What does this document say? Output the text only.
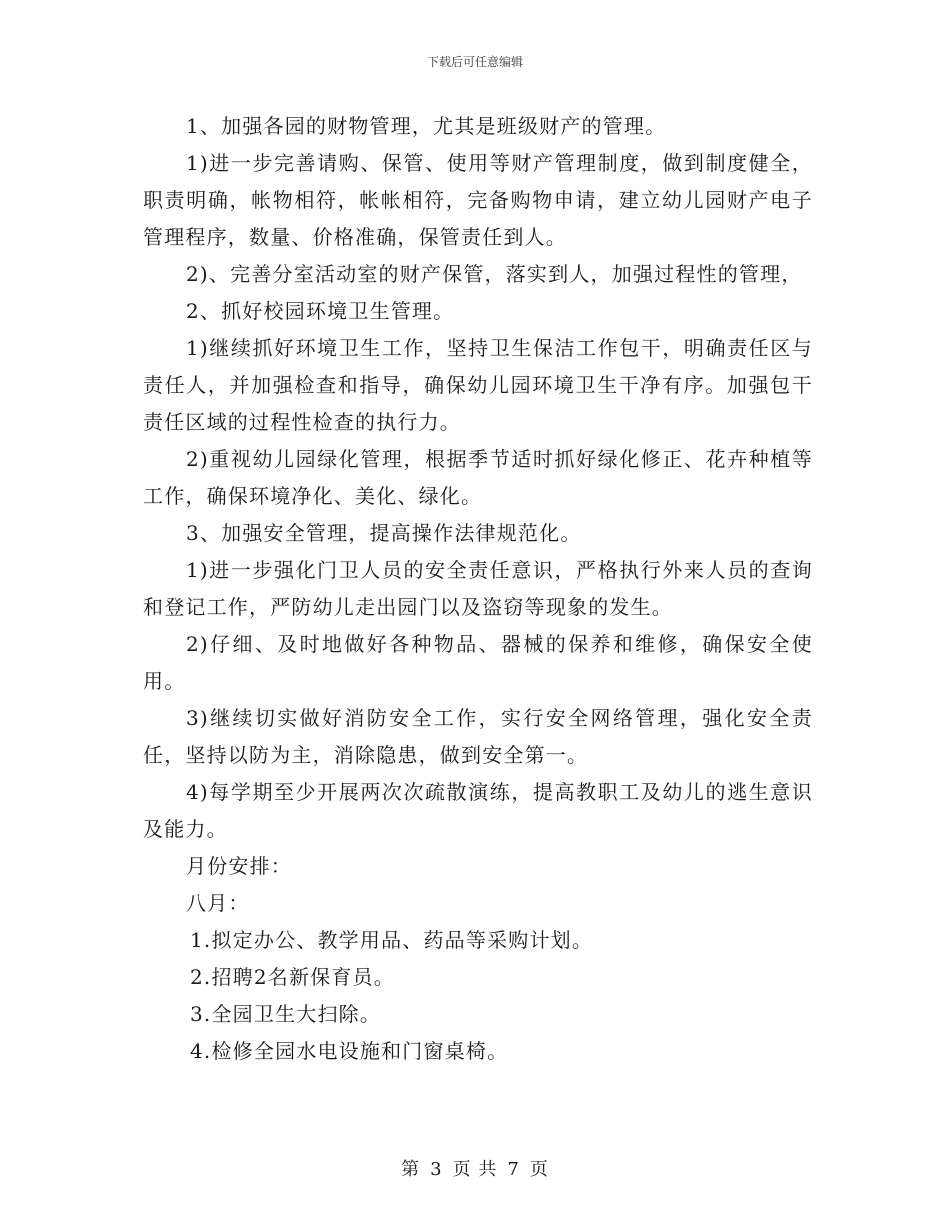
下载后可任意编辑

1、加强各园的财物管理，尤其是班级财产的管理。

1)进一步完善请购、保管、使用等财产管理制度，做到制度健全，职责明确，帐物相符，帐帐相符，完备购物申请，建立幼儿园财产电子管理程序，数量、价格准确，保管责任到人。

2)、完善分室活动室的财产保管，落实到人，加强过程性的管理，

2、抓好校园环境卫生管理。

1)继续抓好环境卫生工作，坚持卫生保洁工作包干，明确责任区与责任人，并加强检查和指导，确保幼儿园环境卫生干净有序。加强包干责任区域的过程性检查的执行力。

2)重视幼儿园绿化管理，根据季节适时抓好绿化修正、花卉种植等工作，确保环境净化、美化、绿化。

3、加强安全管理，提高操作法律规范化。

1)进一步强化门卫人员的安全责任意识，严格执行外来人员的查询和登记工作，严防幼儿走出园门以及盗窃等现象的发生。

2)仔细、及时地做好各种物品、器械的保养和维修，确保安全使用。

3)继续切实做好消防安全工作，实行安全网络管理，强化安全责任，坚持以防为主，消除隐患，做到安全第一。

4)每学期至少开展两次次疏散演练，提高教职工及幼儿的逃生意识及能力。

月份安排：

八月：

1.拟定办公、教学用品、药品等采购计划。

2.招聘2名新保育员。

3.全园卫生大扫除。

4.检修全园水电设施和门窗桌椅。

第 3 页 共 7 页
